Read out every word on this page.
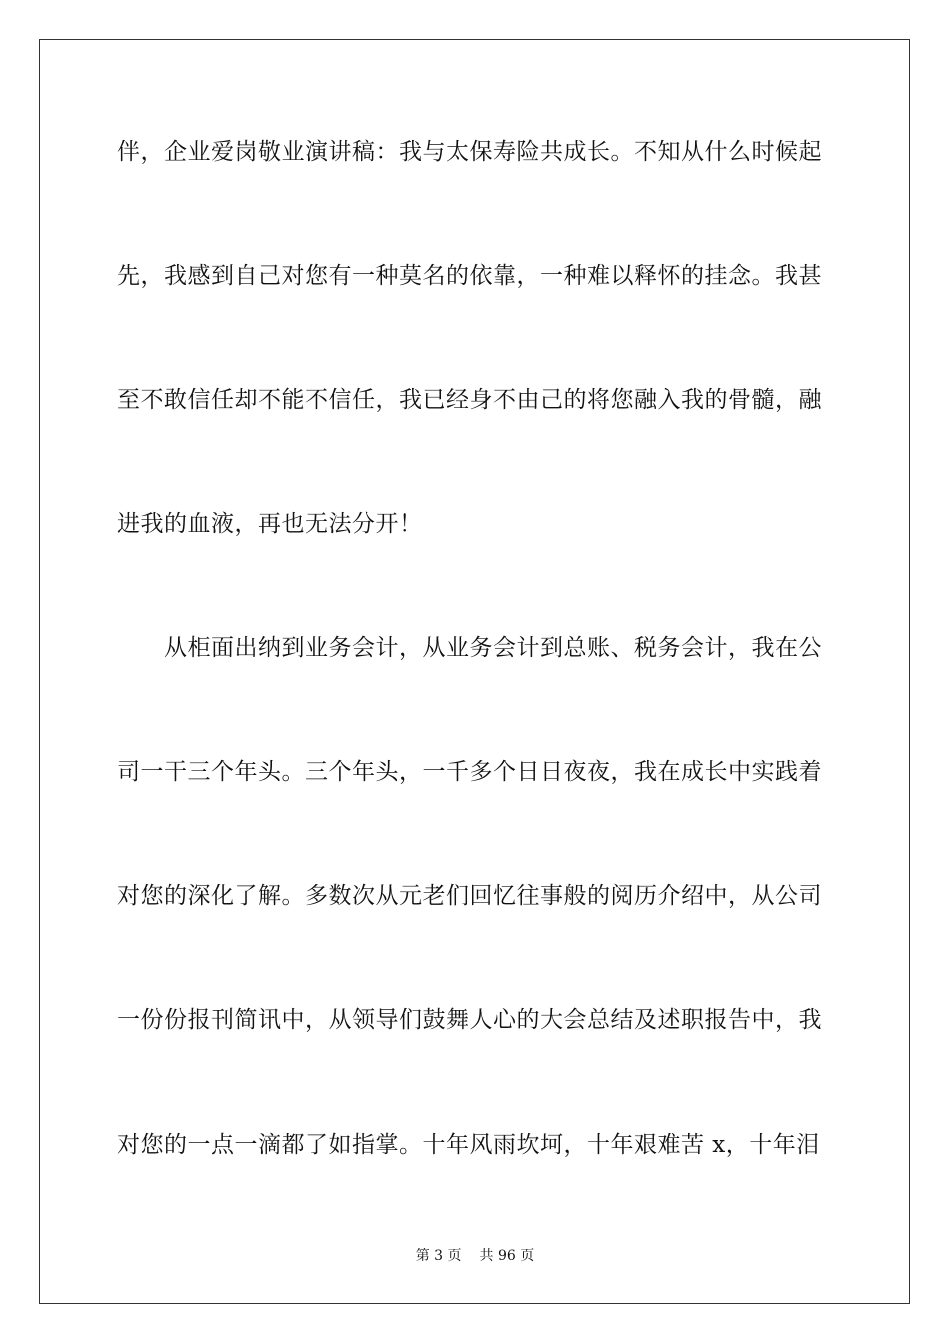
伴，企业爱岗敬业演讲稿：我与太保寿险共成长。不知从什么时候起
先，我感到自己对您有一种莫名的依靠，一种难以释怀的挂念。我甚
至不敢信任却不能不信任，我已经身不由己的将您融入我的骨髓，融
进我的血液，再也无法分开！
　　从柜面出纳到业务会计，从业务会计到总账、税务会计，我在公
司一干三个年头。三个年头，一千多个日日夜夜，我在成长中实践着
对您的深化了解。多数次从元老们回忆往事般的阅历介绍中，从公司
一份份报刊简讯中，从领导们鼓舞人心的大会总结及述职报告中，我
对您的一点一滴都了如指掌。十年风雨坎坷，十年艰难苦 x，十年泪
第 3 页 共 96 页
